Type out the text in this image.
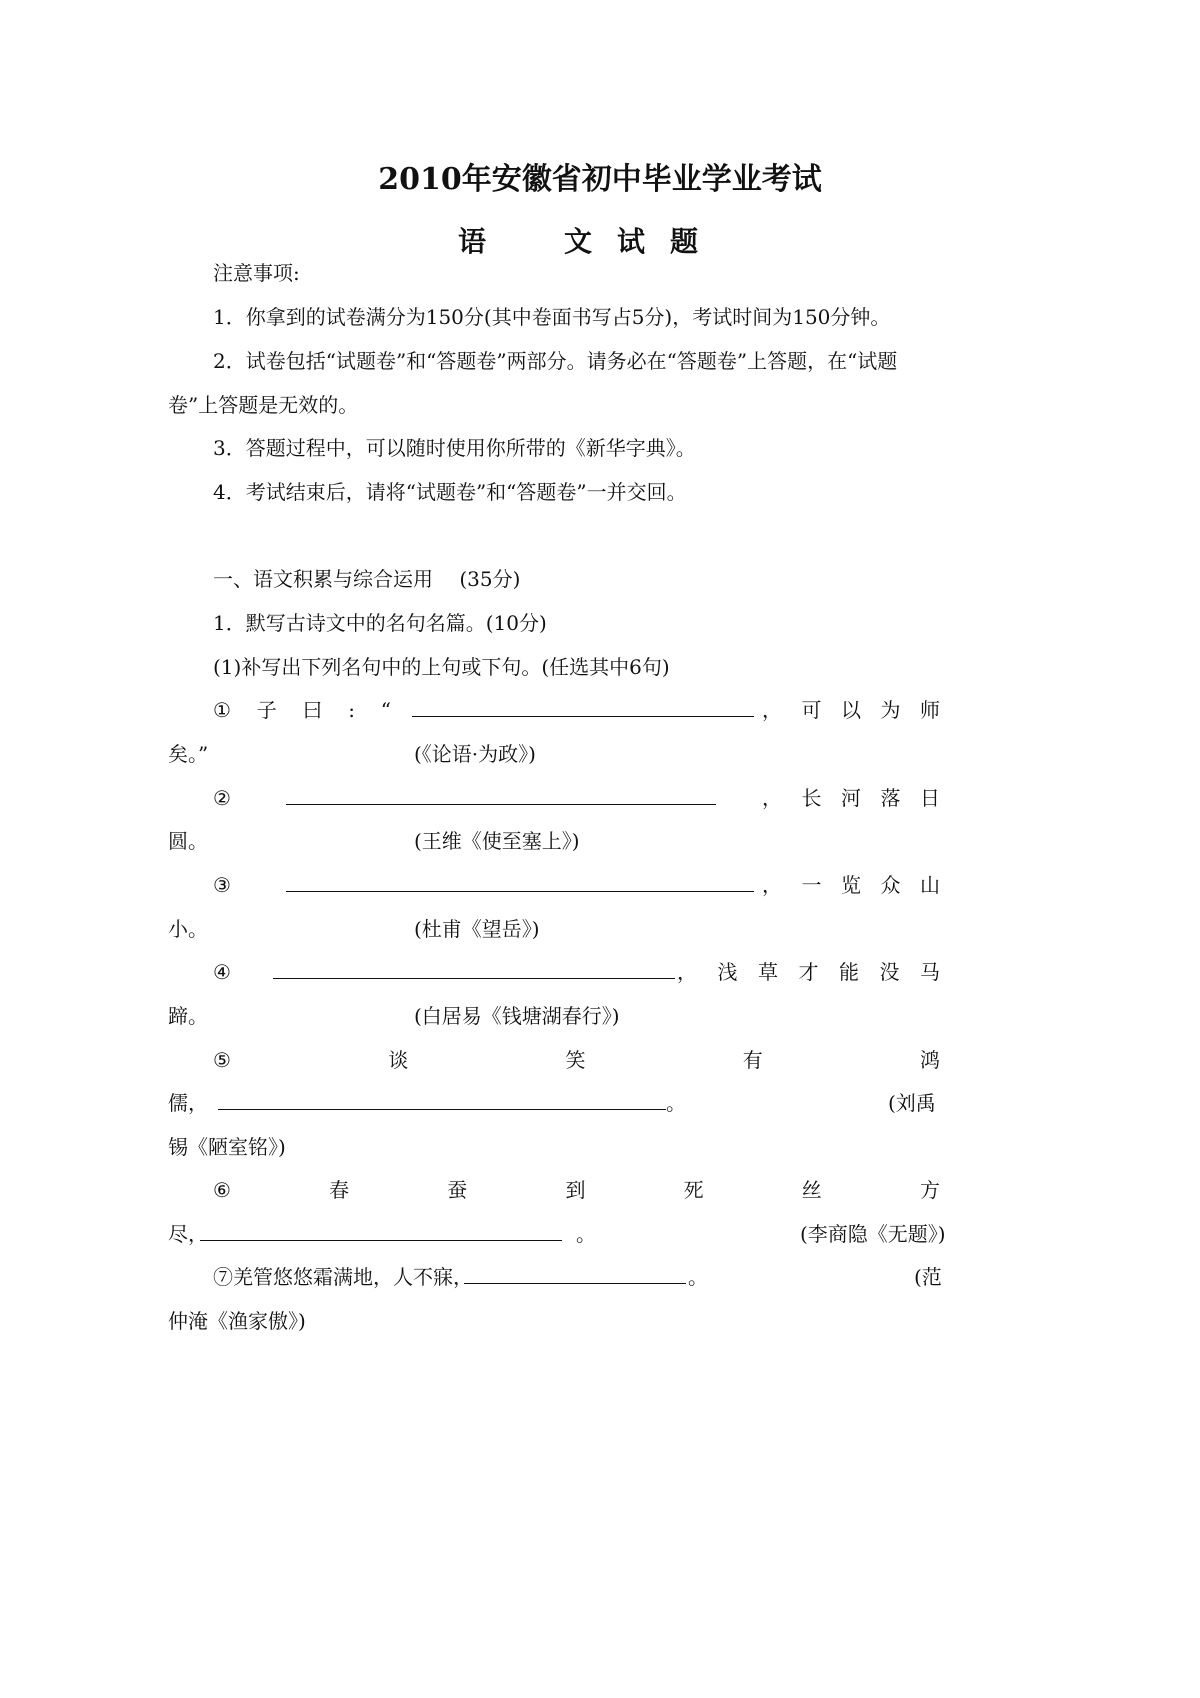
2010年安徽省初中毕业学业考试
语	文 试 题
注意事项:
1．你拿到的试卷满分为150分(其中卷面书写占5分)，考试时间为150分钟。
2．试卷包括“试题卷”和“答题卷”两部分。请务必在“答题卷”上答题，在“试题
卷”上答题是无效的。
3．答题过程中，可以随时使用你所带的《新华字典》。
4．考试结束后，请将“试题卷”和“答题卷”一并交回。
一、语文积累与综合运用　 (35分)
1．默写古诗文中的名句名篇。(10分)
(1)补写出下列名句中的上句或下句。(任选其中6句)
① 子 曰 : “	， 可 以 为 师
矣。”	(《论语·为政》)
②	， 长 河 落 日
圆。	(王维《使至塞上》)
③	， 一 览 众 山
小。	(杜甫《望岳》)
④	， 浅 草 才 能 没 马
蹄。	(白居易《钱塘湖春行》)
⑤	谈	笑	有	鸿
儒，	。	(刘禹
锡《陋室铭》)
⑥	春	蚕	到	死	丝	方
尽，	。	(李商隐《无题》)
⑦羌管悠悠霜满地，人不寐，	。	(范
仲淹《渔家傲》)
